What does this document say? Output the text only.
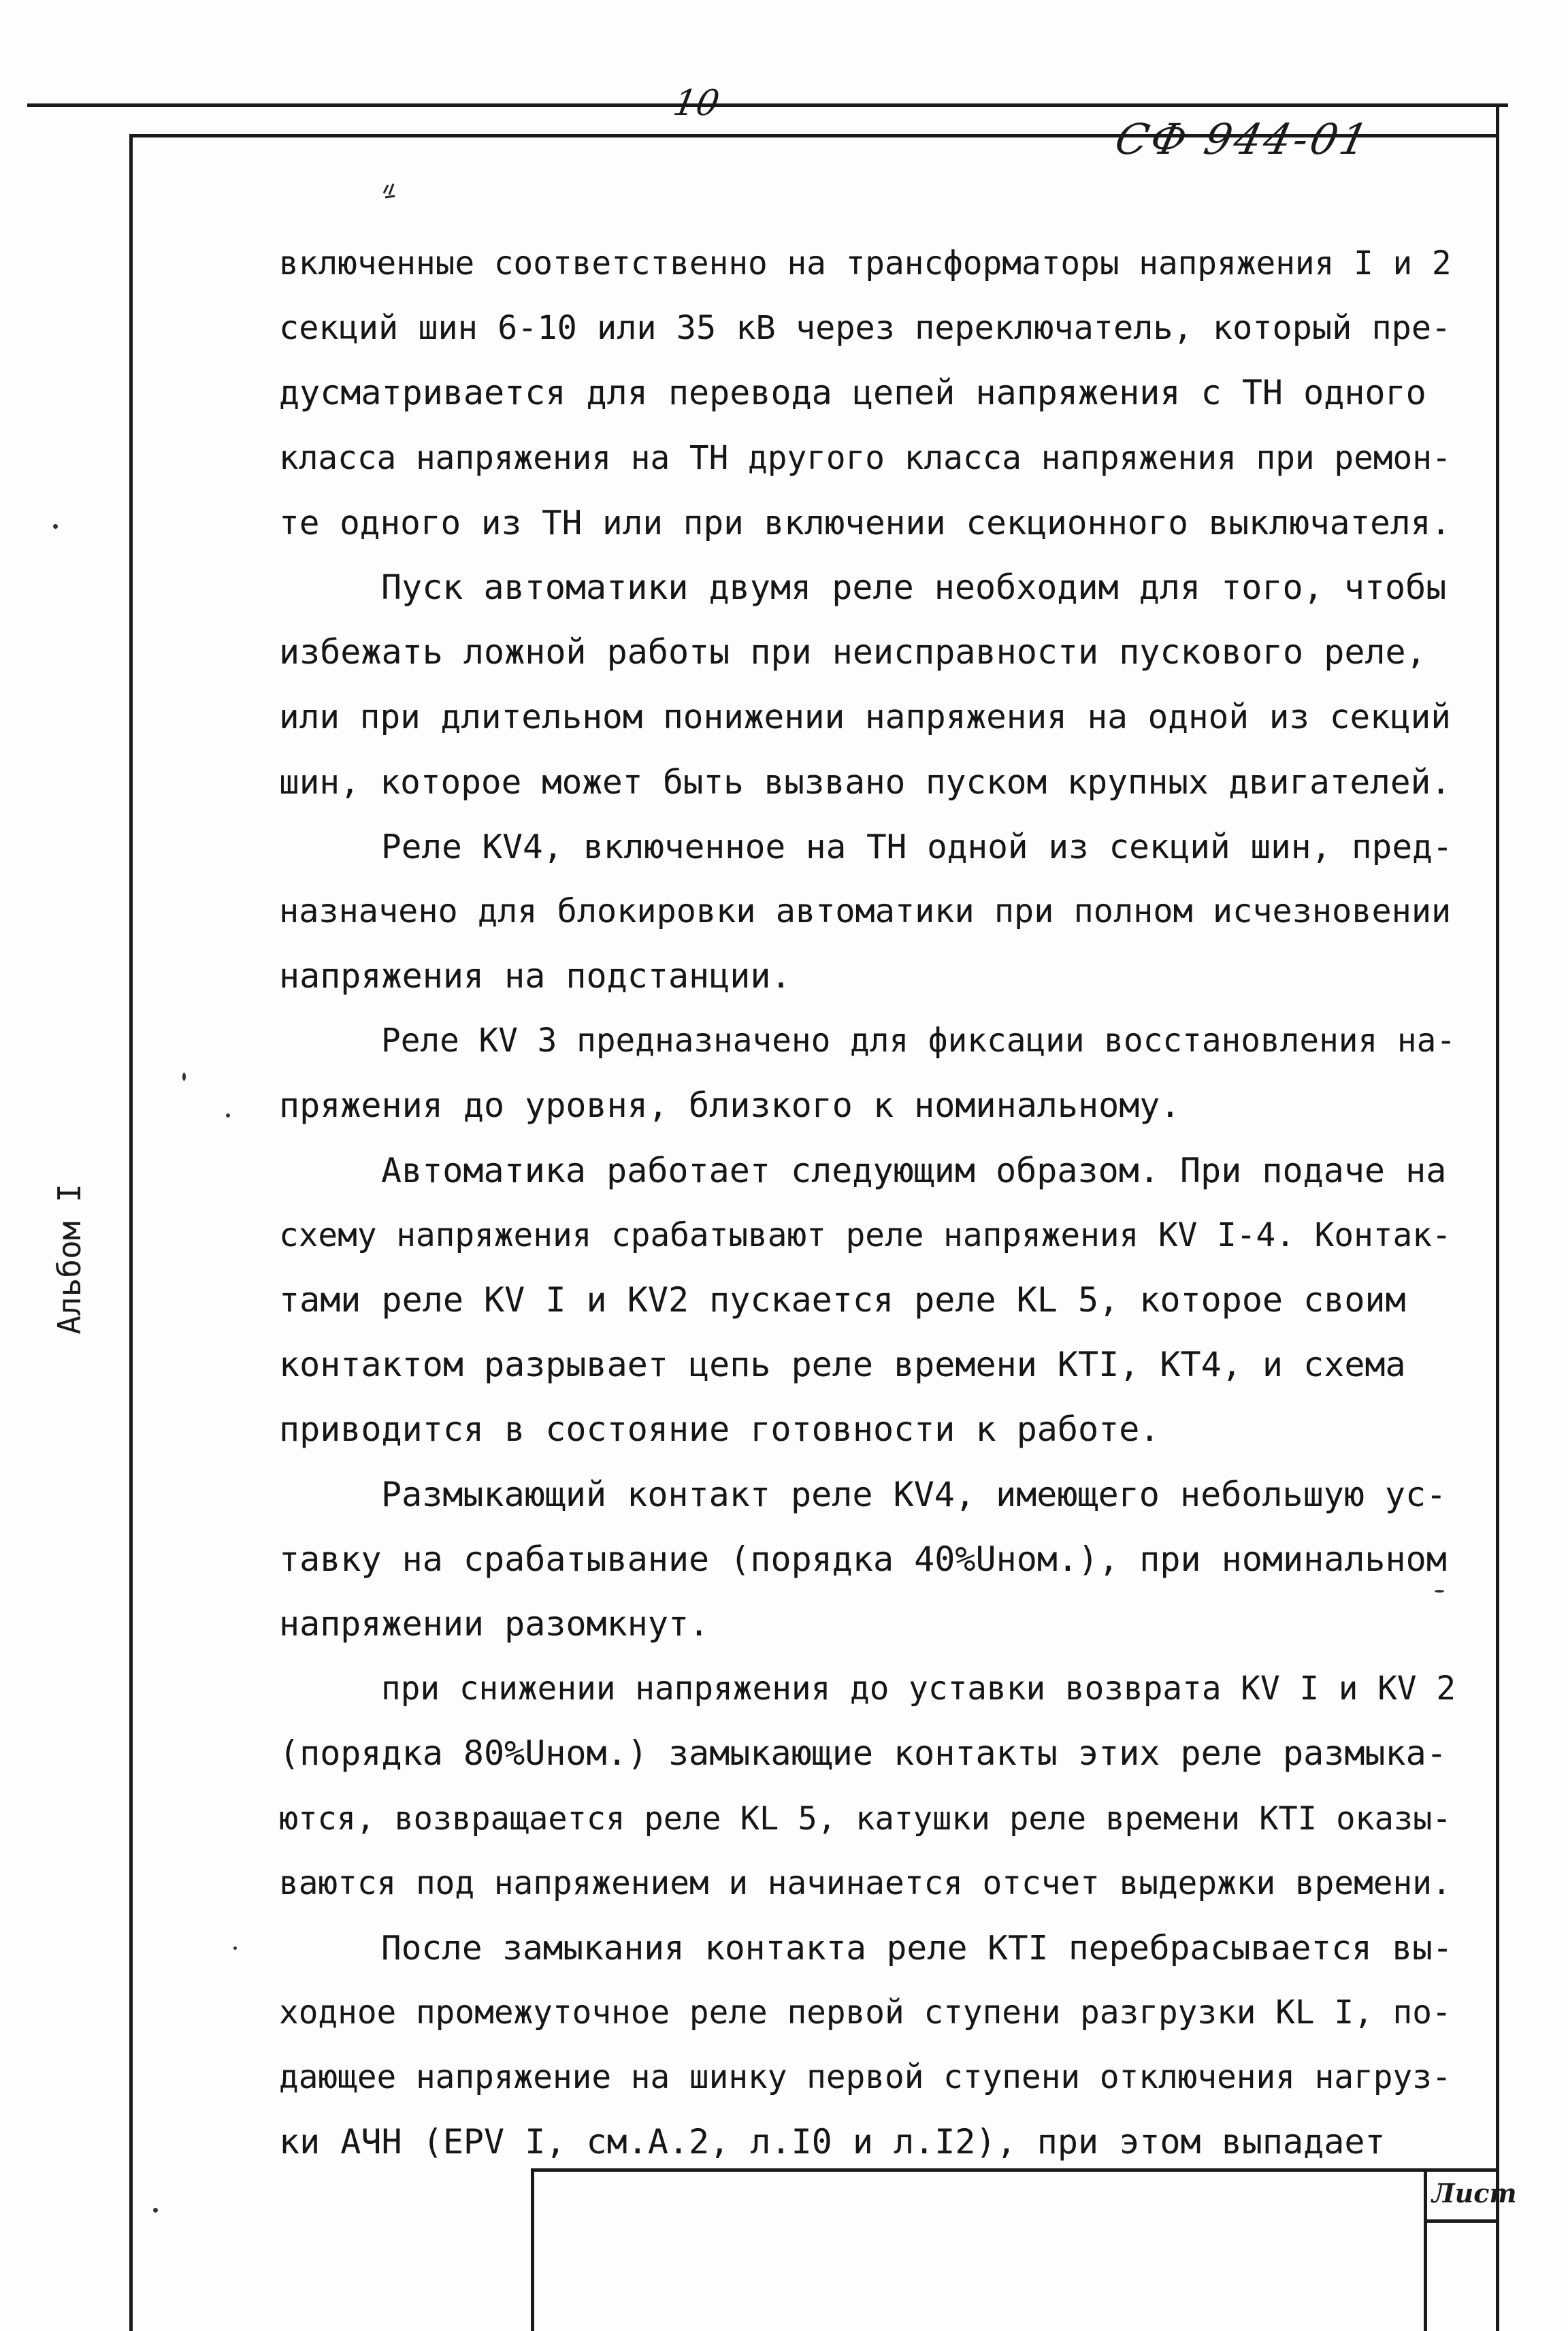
10
СФ 944-01
Альбом I
включенные соответственно на трансформаторы напряжения I и 2
секций шин 6-10 или 35 кВ через переключатель, который пре-
дусматривается для перевода цепей напряжения с ТН одного
класса напряжения на ТН другого класса напряжения при ремон-
те одного из ТН или при включении секционного выключателя.
Пуск автоматики двумя реле необходим для того, чтобы
избежать ложной работы при неисправности пускового реле,
или при длительном понижении напряжения на одной из секций
шин, которое может быть вызвано пуском крупных двигателей.
Реле КV4, включенное на ТН одной из секций шин, пред-
назначено для блокировки автоматики при полном исчезновении
напряжения на подстанции.
Реле КV 3 предназначено для фиксации восстановления на-
пряжения до уровня, близкого к номинальному.
Автоматика работает следующим образом. При подаче на
схему напряжения срабатывают реле напряжения КV I-4. Контак-
тами реле КV I и КV2 пускается реле КL 5, которое своим
контактом разрывает цепь реле времени КТI, КТ4, и схема
приводится в состояние готовности к работе.
Размыкающий контакт реле КV4, имеющего небольшую ус-
тавку на срабатывание (порядка 40%Uном.), при номинальном
напряжении разомкнут.
при снижении напряжения до уставки возврата КV I и КV 2
(порядка 80%Uном.) замыкающие контакты этих реле размыка-
ются, возвращается реле КL 5, катушки реле времени КТI оказы-
ваются под напряжением и начинается отсчет выдержки времени.
После замыкания контакта реле КТI перебрасывается вы-
ходное промежуточное реле первой ступени разгрузки КL I, по-
дающее напряжение на шинку первой ступени отключения нагруз-
ки АЧН (ЕРV I, см.А.2, л.I0 и л.I2), при этом выпадает
Лист
